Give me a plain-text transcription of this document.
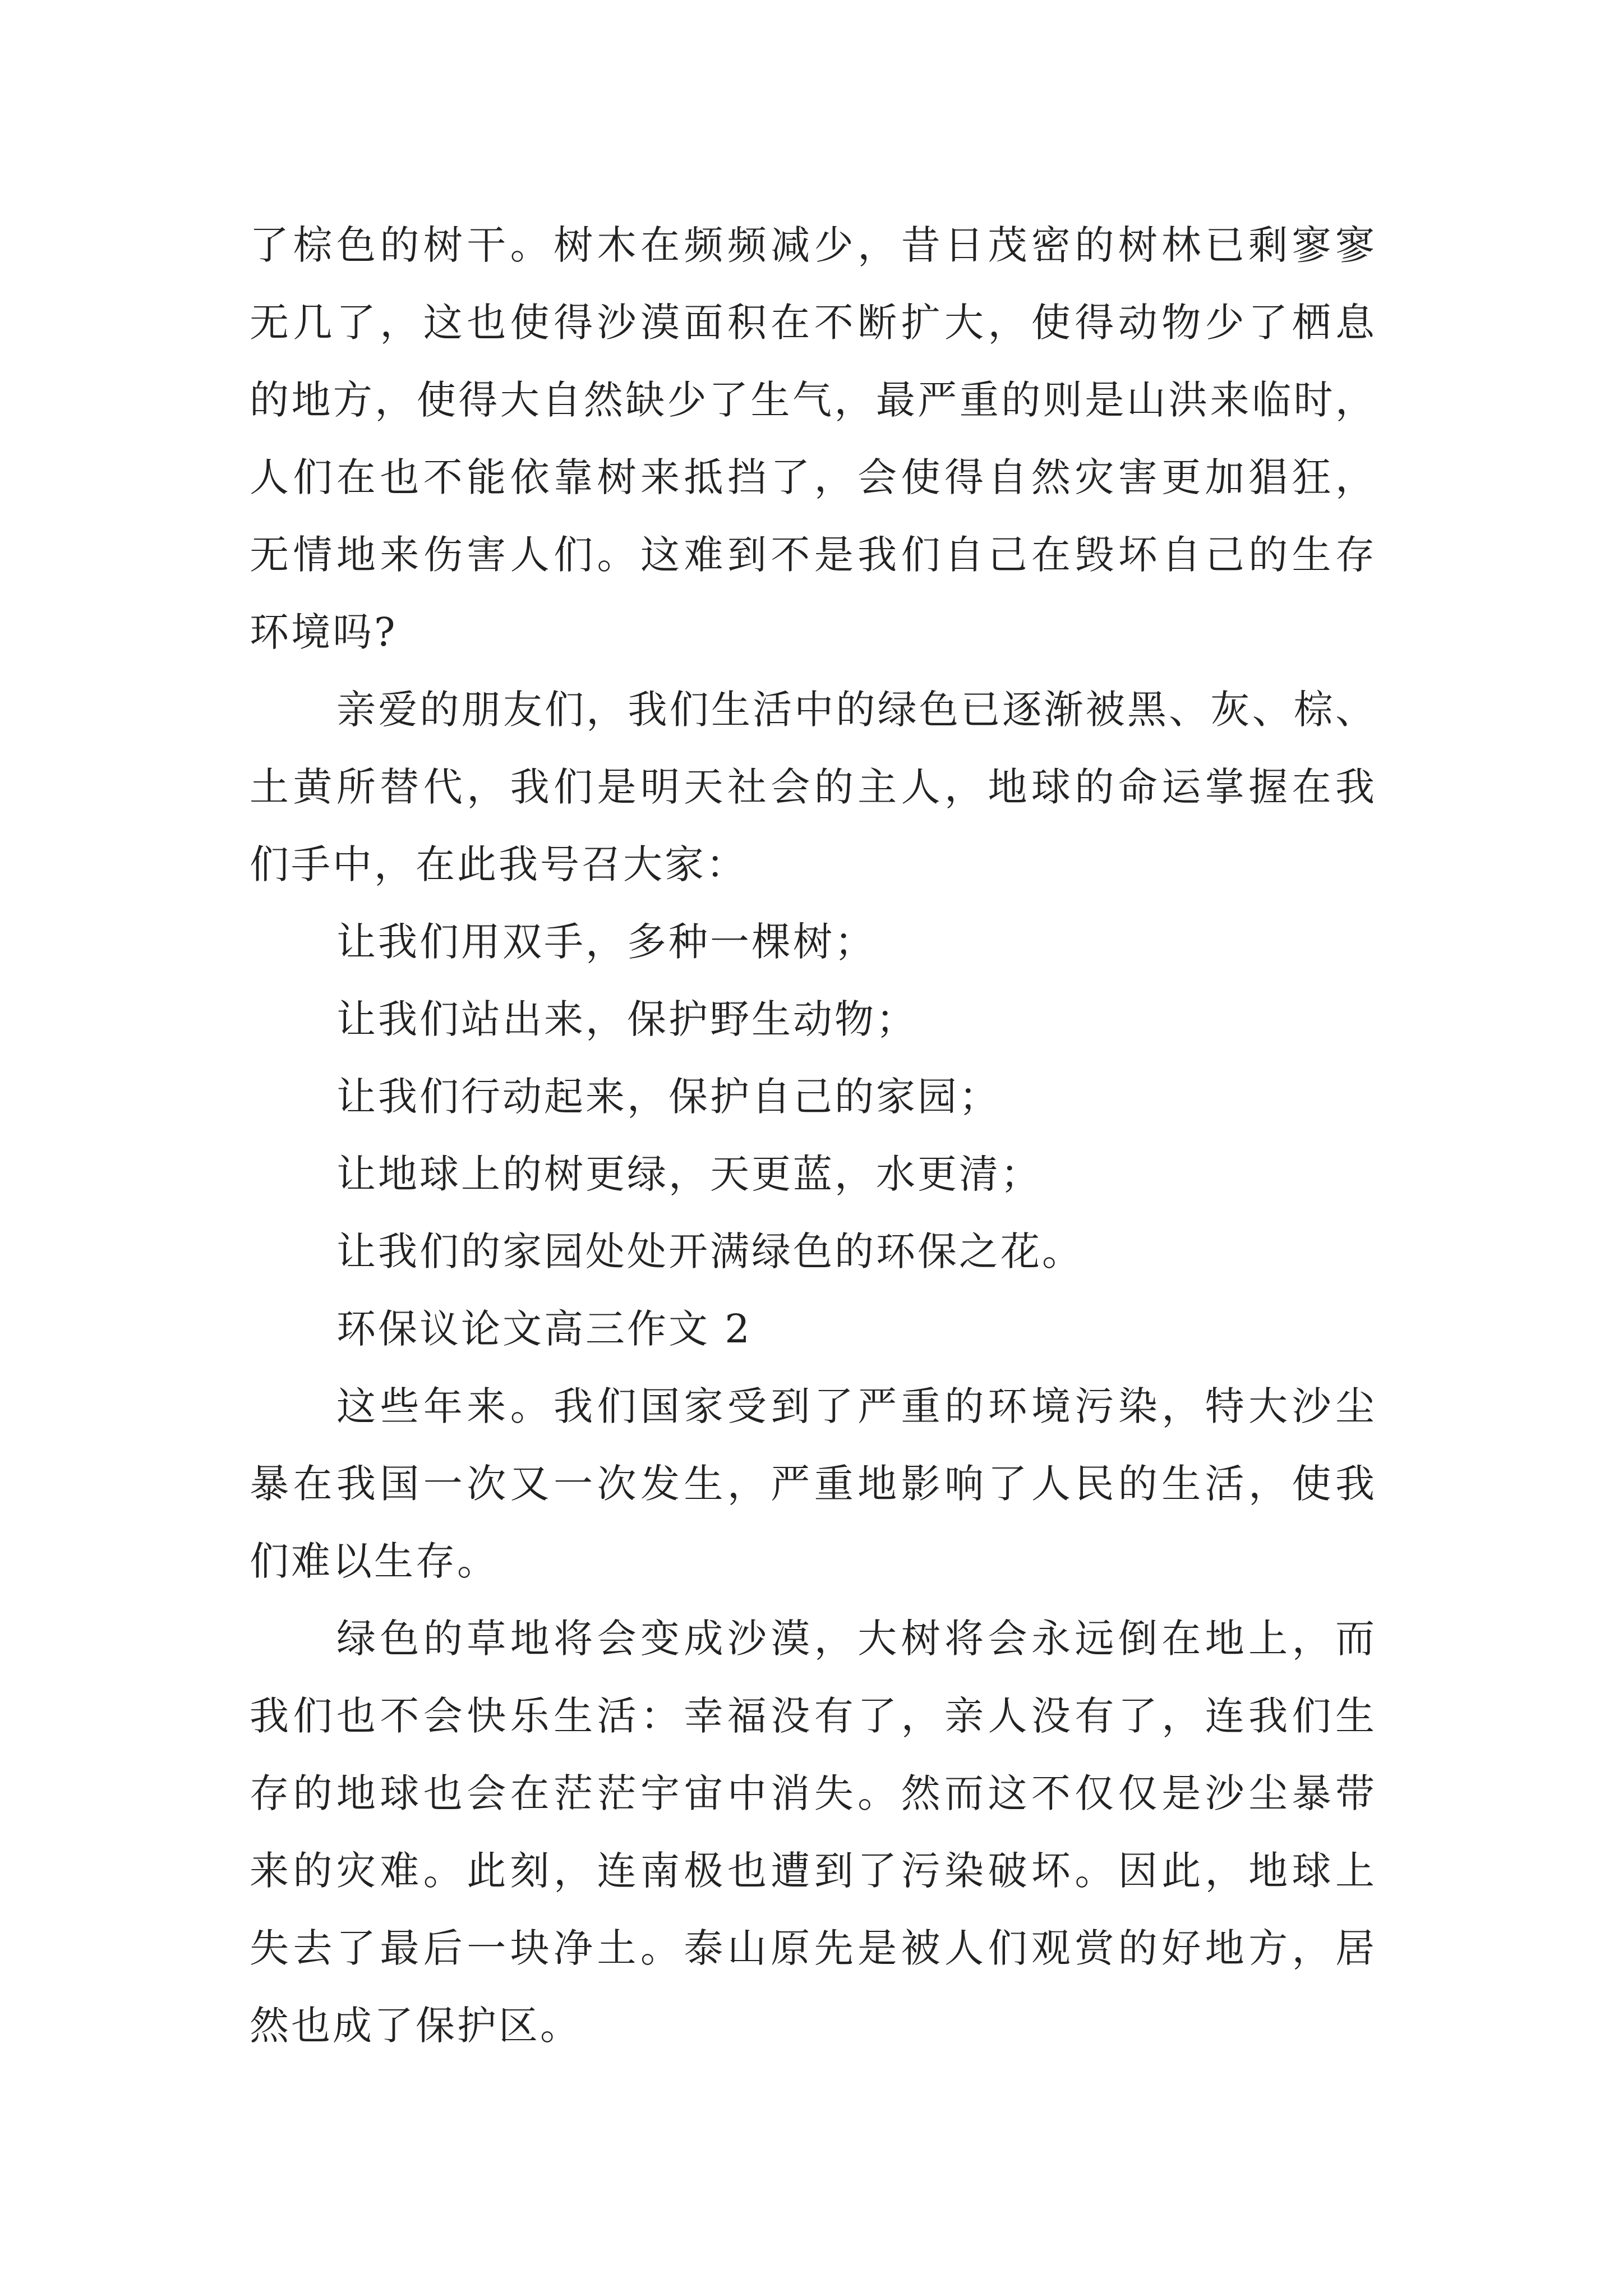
了棕色的树干。树木在频频减少，昔日茂密的树林已剩寥寥
无几了，这也使得沙漠面积在不断扩大，使得动物少了栖息
的地方，使得大自然缺少了生气，最严重的则是山洪来临时，
人们在也不能依靠树来抵挡了，会使得自然灾害更加猖狂，
无情地来伤害人们。这难到不是我们自己在毁坏自己的生存
环境吗?
亲爱的朋友们，我们生活中的绿色已逐渐被黑、灰、棕、
土黄所替代，我们是明天社会的主人，地球的命运掌握在我
们手中，在此我号召大家：
让我们用双手，多种一棵树；
让我们站出来，保护野生动物；
让我们行动起来，保护自己的家园；
让地球上的树更绿，天更蓝，水更清；
让我们的家园处处开满绿色的环保之花。
环保议论文高三作文 2
这些年来。我们国家受到了严重的环境污染，特大沙尘
暴在我国一次又一次发生，严重地影响了人民的生活，使我
们难以生存。
绿色的草地将会变成沙漠，大树将会永远倒在地上，而
我们也不会快乐生活：幸福没有了，亲人没有了，连我们生
存的地球也会在茫茫宇宙中消失。然而这不仅仅是沙尘暴带
来的灾难。此刻，连南极也遭到了污染破坏。因此，地球上
失去了最后一块净土。泰山原先是被人们观赏的好地方，居
然也成了保护区。
